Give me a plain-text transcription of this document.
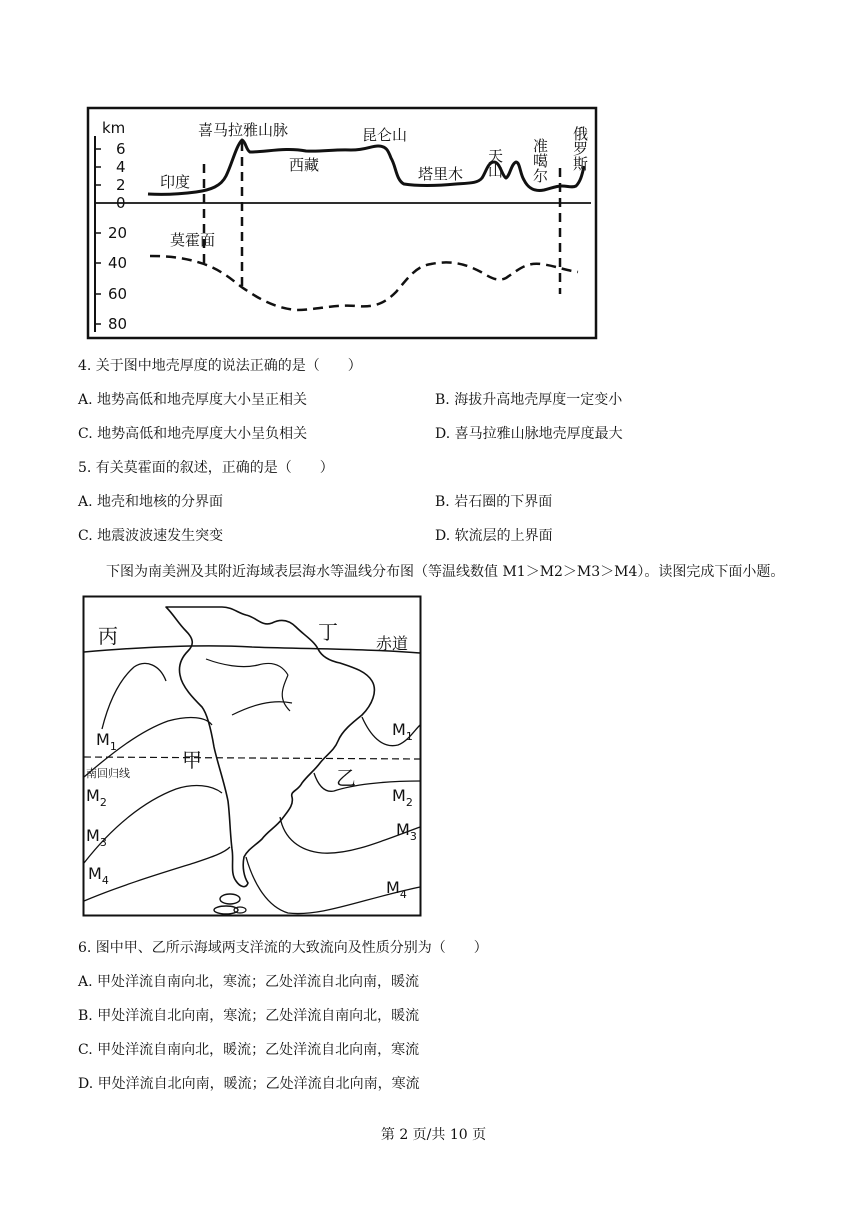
km
6
4
2
0
20
40
60
80
喜马拉雅山脉	昆仑山
印度
西藏	塔里木
莫霍面
天山 准噶尔 俄罗斯
4. 关于图中地壳厚度的说法正确的是（　　）
A. 地势高低和地壳厚度大小呈正相关	B. 海拔升高地壳厚度一定变小
C. 地势高低和地壳厚度大小呈负相关	D. 喜马拉雅山脉地壳厚度最大
5. 有关莫霍面的叙述，正确的是（　　）
A. 地壳和地核的分界面	B. 岩石圈的下界面
C. 地震波波速发生突变	D. 软流层的上界面
下图为南美洲及其附近海域表层海水等温线分布图（等温线数值 M1＞M2＞M3＞M4）。读图完成下面小题。
丙	丁 赤道
甲
乙
南回归线
$M_1$
$M_2$
$M_3$
$M_4$
$M_1$
$M_2$
$M_3$
$M_4$
6. 图中甲、乙所示海域两支洋流的大致流向及性质分别为（　　）
A. 甲处洋流自南向北，寒流；乙处洋流自北向南，暖流
B. 甲处洋流自北向南，寒流；乙处洋流自南向北，暖流
C. 甲处洋流自南向北，暖流；乙处洋流自北向南，寒流
D. 甲处洋流自北向南，暖流；乙处洋流自北向南，寒流
第 2 页/共 10 页
